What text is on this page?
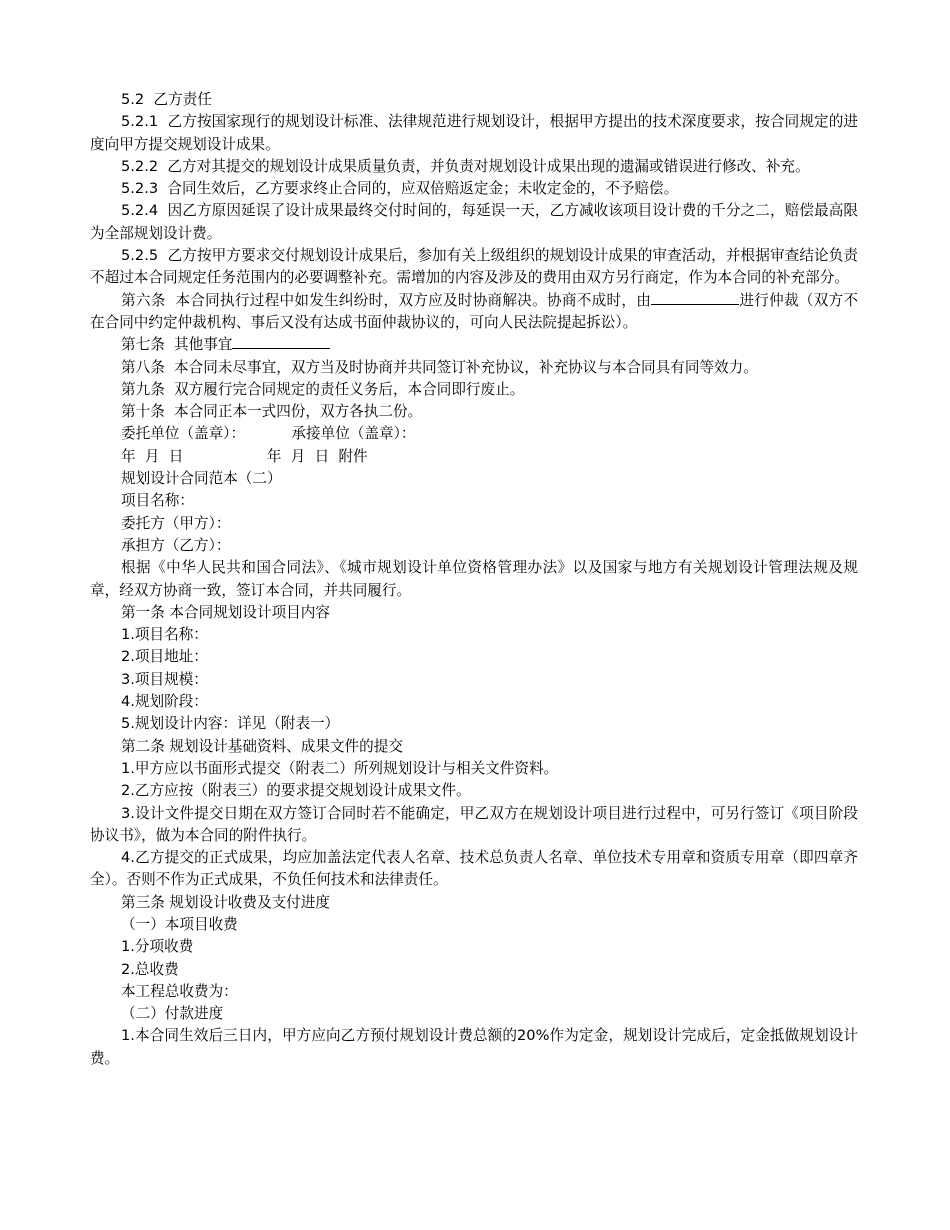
5.2  乙方责任

5.2.1  乙方按国家现行的规划设计标准、法律规范进行规划设计，根据甲方提出的技术深度要求，按合同规定的进度向甲方提交规划设计成果。

5.2.2  乙方对其提交的规划设计成果质量负责，并负责对规划设计成果出现的遗漏或错误进行修改、补充。

5.2.3  合同生效后，乙方要求终止合同的，应双倍赔返定金；未收定金的，不予赔偿。

5.2.4  因乙方原因延误了设计成果最终交付时间的，每延误一天，乙方减收该项目设计费的千分之二，赔偿最高限为全部规划设计费。

5.2.5  乙方按甲方要求交付规划设计成果后，参加有关上级组织的规划设计成果的审查活动，并根据审查结论负责不超过本合同规定任务范围内的必要调整补充。需增加的内容及涉及的费用由双方另行商定，作为本合同的补充部分。

第六条  本合同执行过程中如发生纠纷时，双方应及时协商解决。协商不成时，由	进行仲裁（双方不在合同中约定仲裁机构、事后又没有达成书面仲裁协议的，可向人民法院提起拆讼）。

第七条  其他事宜

第八条  本合同未尽事宜，双方当及时协商并共同签订补充协议，补充协议与本合同具有同等效力。

第九条  双方履行完合同规定的责任义务后，本合同即行废止。

第十条  本合同正本一式四份，双方各执二份。

委托单位（盖章）：          承接单位（盖章）：

年  月  日                  年  月  日  附件

规划设计合同范本（二）

项目名称：

委托方（甲方）：

承担方（乙方）：

根据《中华人民共和国合同法》、《城市规划设计单位资格管理办法》以及国家与地方有关规划设计管理法规及规章，经双方协商一致，签订本合同，并共同履行。

第一条 本合同规划设计项目内容

1.项目名称：

2.项目地址：

3.项目规模：

4.规划阶段：

5.规划设计内容：详见（附表一）

第二条 规划设计基础资料、成果文件的提交

1.甲方应以书面形式提交（附表二）所列规划设计与相关文件资料。

2.乙方应按（附表三）的要求提交规划设计成果文件。

3.设计文件提交日期在双方签订合同时若不能确定，甲乙双方在规划设计项目进行过程中，可另行签订《项目阶段协议书》，做为本合同的附件执行。

4.乙方提交的正式成果，均应加盖法定代表人名章、技术总负责人名章、单位技术专用章和资质专用章（即四章齐全）。否则不作为正式成果，不负任何技术和法律责任。

第三条 规划设计收费及支付进度

（一）本项目收费

1.分项收费

2.总收费

本工程总收费为：

（二）付款进度

1.本合同生效后三日内，甲方应向乙方预付规划设计费总额的20%作为定金，规划设计完成后，定金抵做规划设计费。
